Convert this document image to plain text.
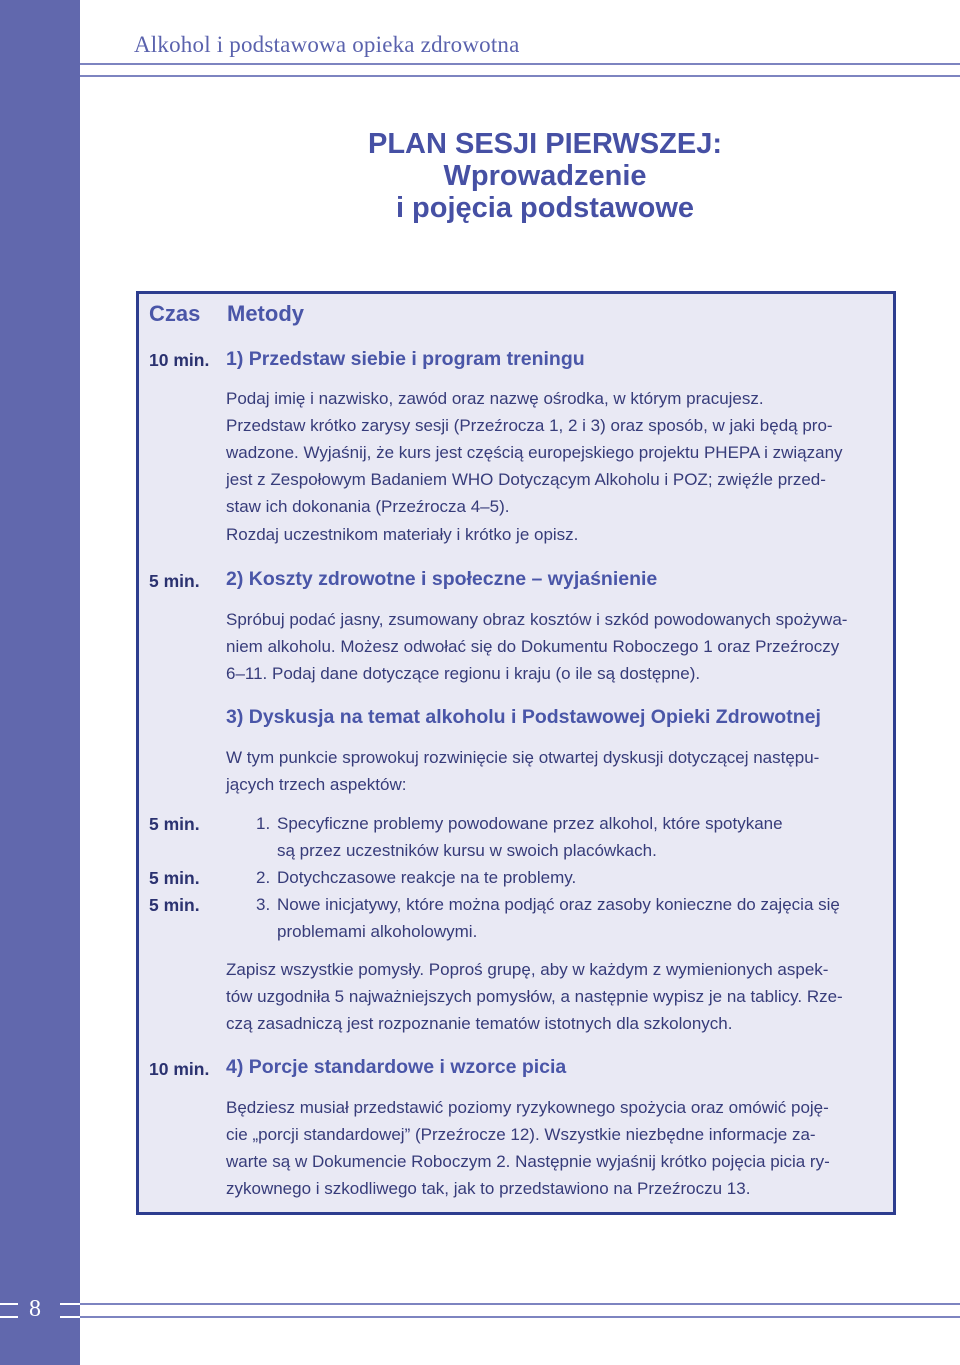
Alkohol i podstawowa opieka zdrowotna
PLAN SESJI PIERWSZEJ:
Wprowadzenie
i pojęcia podstawowe
Czas Metody
10 min. 1) Przedstaw siebie i program treningu
Podaj imię i nazwisko, zawód oraz nazwę ośrodka, w którym pracujesz.
Przedstaw krótko zarysy sesji (Przeźrocza 1, 2 i 3) oraz sposób, w jaki będą pro-
wadzone. Wyjaśnij, że kurs jest częścią europejskiego projektu PHEPA i związany
jest z Zespołowym Badaniem WHO Dotyczącym Alkoholu i POZ; zwięźle przed-
staw ich dokonania (Przeźrocza 4–5).
Rozdaj uczestnikom materiały i krótko je opisz.
5 min. 2) Koszty zdrowotne i społeczne – wyjaśnienie
Spróbuj podać jasny, zsumowany obraz kosztów i szkód powodowanych spożywa-
niem alkoholu. Możesz odwołać się do Dokumentu Roboczego 1 oraz Przeźroczy
6–11. Podaj dane dotyczące regionu i kraju (o ile są dostępne).
3) Dyskusja na temat alkoholu i Podstawowej Opieki Zdrowotnej
W tym punkcie sprowokuj rozwinięcie się otwartej dyskusji dotyczącej następu-
jących trzech aspektów:
5 min.	1. Specyficzne problemy powodowane przez alkohol, które spotykane
są przez uczestników kursu w swoich placówkach.
5 min.	2. Dotychczasowe reakcje na te problemy.
5 min.	3. Nowe inicjatywy, które można podjąć oraz zasoby konieczne do zajęcia się
problemami alkoholowymi.
Zapisz wszystkie pomysły. Poproś grupę, aby w każdym z wymienionych aspek-
tów uzgodniła 5 najważniejszych pomysłów, a następnie wypisz je na tablicy. Rze-
czą zasadniczą jest rozpoznanie tematów istotnych dla szkolonych.
10 min. 4) Porcje standardowe i wzorce picia
Będziesz musiał przedstawić poziomy ryzykownego spożycia oraz omówić poję-
cie „porcji standardowej” (Przeźrocze 12). Wszystkie niezbędne informacje za-
warte są w Dokumencie Roboczym 2. Następnie wyjaśnij krótko pojęcia picia ry-
zykownego i szkodliwego tak, jak to przedstawiono na Przeźroczu 13.
8
